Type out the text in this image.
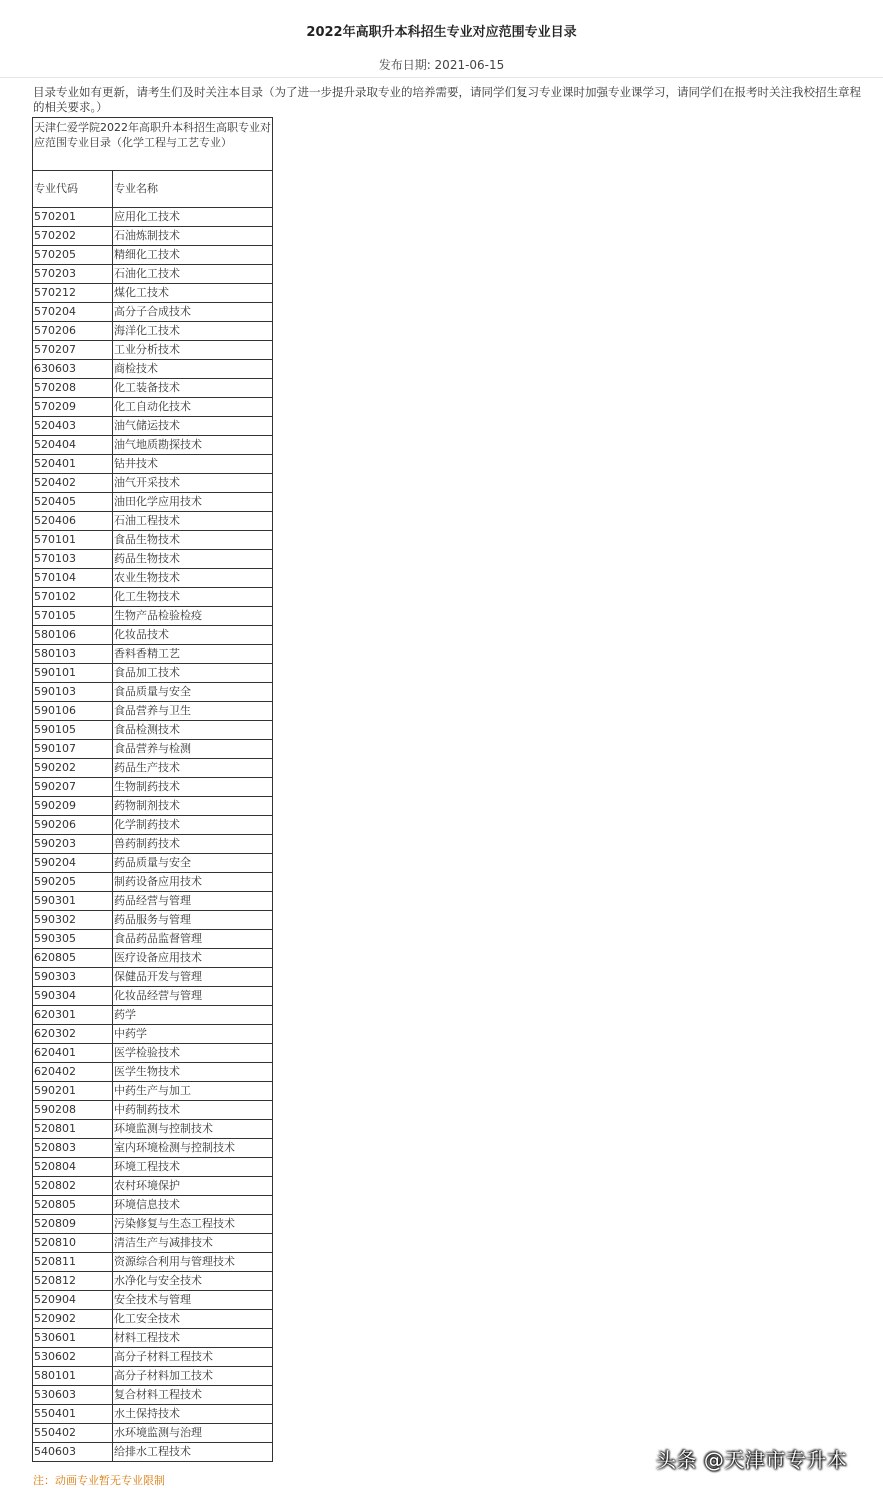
2022年高职升本科招生专业对应范围专业目录
发布日期: 2021-06-15
目录专业如有更新，请考生们及时关注本目录（为了进一步提升录取专业的培养需要，请同学们复习专业课时加强专业课学习，请同学们在报考时关注我校招生章程的相关要求。）
天津仁爱学院2022年高职升本科招生高职专业对应范围专业目录（化学工程与工艺专业）	
专业代码	专业名称
570201	应用化工技术
570202	石油炼制技术
570205	精细化工技术
570203	石油化工技术
570212	煤化工技术
570204	高分子合成技术
570206	海洋化工技术
570207	工业分析技术
630603	商检技术
570208	化工装备技术
570209	化工自动化技术
520403	油气储运技术
520404	油气地质勘探技术
520401	钻井技术
520402	油气开采技术
520405	油田化学应用技术
520406	石油工程技术
570101	食品生物技术
570103	药品生物技术
570104	农业生物技术
570102	化工生物技术
570105	生物产品检验检疫
580106	化妆品技术
580103	香料香精工艺
590101	食品加工技术
590103	食品质量与安全
590106	食品营养与卫生
590105	食品检测技术
590107	食品营养与检测
590202	药品生产技术
590207	生物制药技术
590209	药物制剂技术
590206	化学制药技术
590203	兽药制药技术
590204	药品质量与安全
590205	制药设备应用技术
590301	药品经营与管理
590302	药品服务与管理
590305	食品药品监督管理
620805	医疗设备应用技术
590303	保健品开发与管理
590304	化妆品经营与管理
620301	药学
620302	中药学
620401	医学检验技术
620402	医学生物技术
590201	中药生产与加工
590208	中药制药技术
520801	环境监测与控制技术
520803	室内环境检测与控制技术
520804	环境工程技术
520802	农村环境保护
520805	环境信息技术
520809	污染修复与生态工程技术
520810	清洁生产与减排技术
520811	资源综合利用与管理技术
520812	水净化与安全技术
520904	安全技术与管理
520902	化工安全技术
530601	材料工程技术
530602	高分子材料工程技术
580101	高分子材料加工技术
530603	复合材料工程技术
550401	水土保持技术
550402	水环境监测与治理
540603	给排水工程技术
注：动画专业暂无专业限制
头条 @天津市专升本
